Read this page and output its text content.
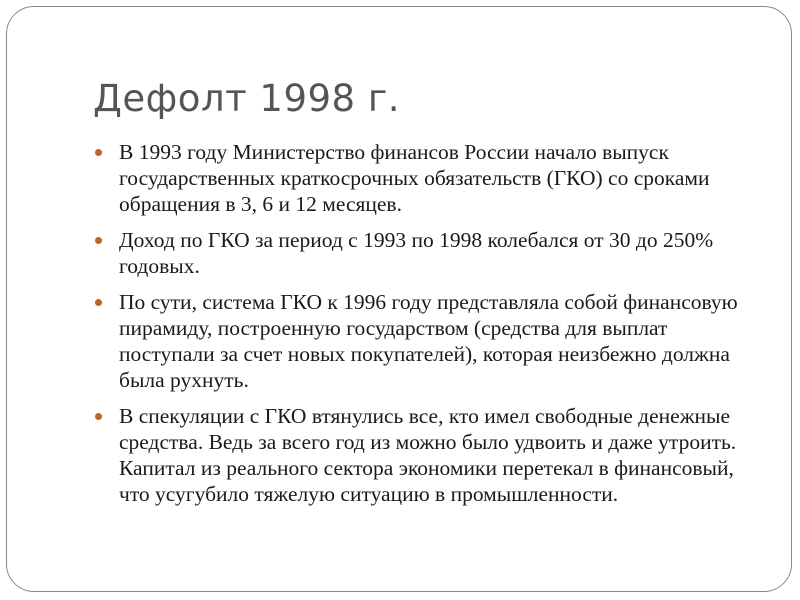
Дефолт 1998 г.
В 1993 году Министерство финансов России начало выпуск государственных краткосрочных обязательств (ГКО) со сроками обращения в 3, 6 и 12 месяцев.
Доход по ГКО за период с 1993 по 1998 колебался от 30 до 250% годовых.
По сути, система ГКО к 1996 году представляла собой финансовую пирамиду, построенную государством (средства для выплат поступали за счет новых покупателей), которая неизбежно должна была рухнуть.
В спекуляции с ГКО втянулись все, кто имел свободные денежные средства. Ведь за всего год из можно было удвоить и даже утроить. Капитал из реального сектора экономики перетекал в финансовый, что усугубило тяжелую ситуацию в промышленности.
